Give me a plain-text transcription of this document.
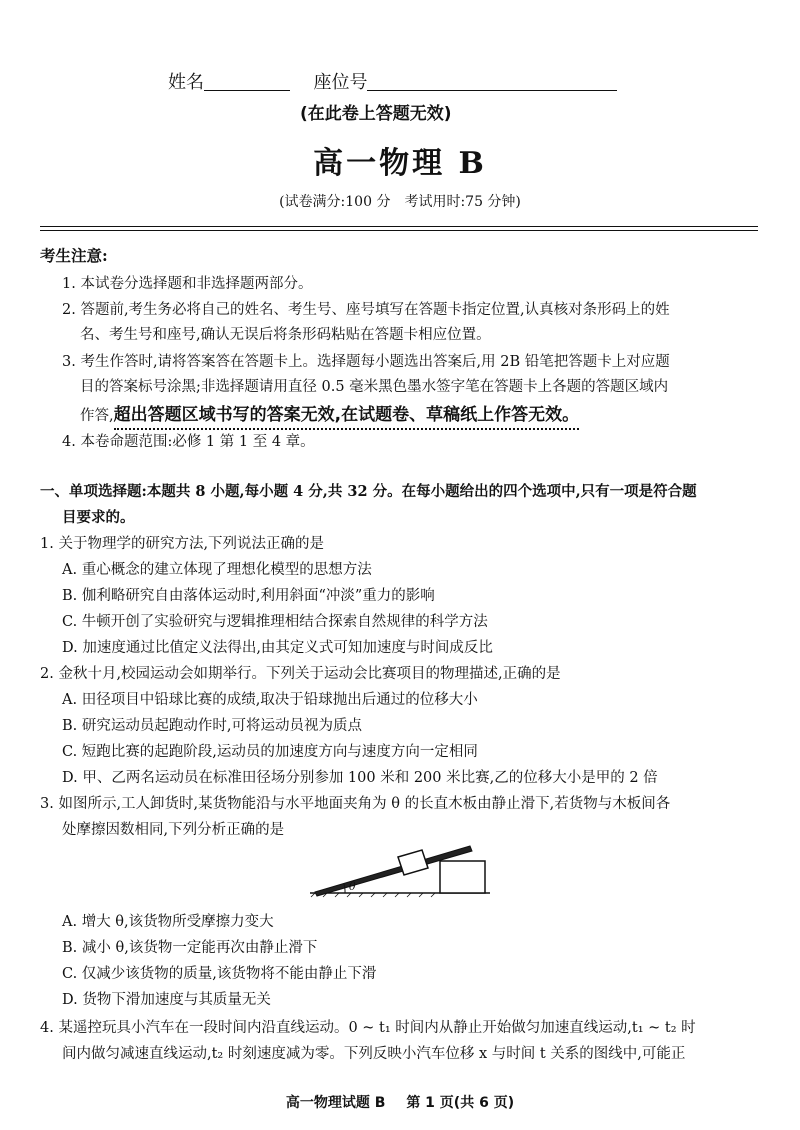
姓名	座位号
(在此卷上答题无效)
高一物理 B
(试卷满分:100 分　考试用时:75 分钟)
考生注意:
1. 本试卷分选择题和非选择题两部分。
2. 答题前,考生务必将自己的姓名、考生号、座号填写在答题卡指定位置,认真核对条形码上的姓
名、考生号和座号,确认无误后将条形码粘贴在答题卡相应位置。
3. 考生作答时,请将答案答在答题卡上。选择题每小题选出答案后,用 2B 铅笔把答题卡上对应题
目的答案标号涂黑;非选择题请用直径 0.5 毫米黑色墨水签字笔在答题卡上各题的答题区域内
作答,超出答题区域书写的答案无效,在试题卷、草稿纸上作答无效。
4. 本卷命题范围:必修 1 第 1 至 4 章。
一、单项选择题:本题共 8 小题,每小题 4 分,共 32 分。在每小题给出的四个选项中,只有一项是符合题
目要求的。
1. 关于物理学的研究方法,下列说法正确的是
A. 重心概念的建立体现了理想化模型的思想方法
B. 伽利略研究自由落体运动时,利用斜面“冲淡”重力的影响
C. 牛顿开创了实验研究与逻辑推理相结合探索自然规律的科学方法
D. 加速度通过比值定义法得出,由其定义式可知加速度与时间成反比
2. 金秋十月,校园运动会如期举行。下列关于运动会比赛项目的物理描述,正确的是
A. 田径项目中铅球比赛的成绩,取决于铅球抛出后通过的位移大小
B. 研究运动员起跑动作时,可将运动员视为质点
C. 短跑比赛的起跑阶段,运动员的加速度方向与速度方向一定相同
D. 甲、乙两名运动员在标准田径场分别参加 100 米和 200 米比赛,乙的位移大小是甲的 2 倍
3. 如图所示,工人卸货时,某货物能沿与水平地面夹角为 θ 的长直木板由静止滑下,若货物与木板间各
处摩擦因数相同,下列分析正确的是
θ
A. 增大 θ,该货物所受摩擦力变大
B. 减小 θ,该货物一定能再次由静止滑下
C. 仅减少该货物的质量,该货物将不能由静止下滑
D. 货物下滑加速度与其质量无关
4. 某遥控玩具小汽车在一段时间内沿直线运动。0 ~ t₁ 时间内从静止开始做匀加速直线运动,t₁ ~ t₂ 时
间内做匀减速直线运动,t₂ 时刻速度减为零。下列反映小汽车位移 x 与时间 t 关系的图线中,可能正
高一物理试题 B 第 1 页(共 6 页)
